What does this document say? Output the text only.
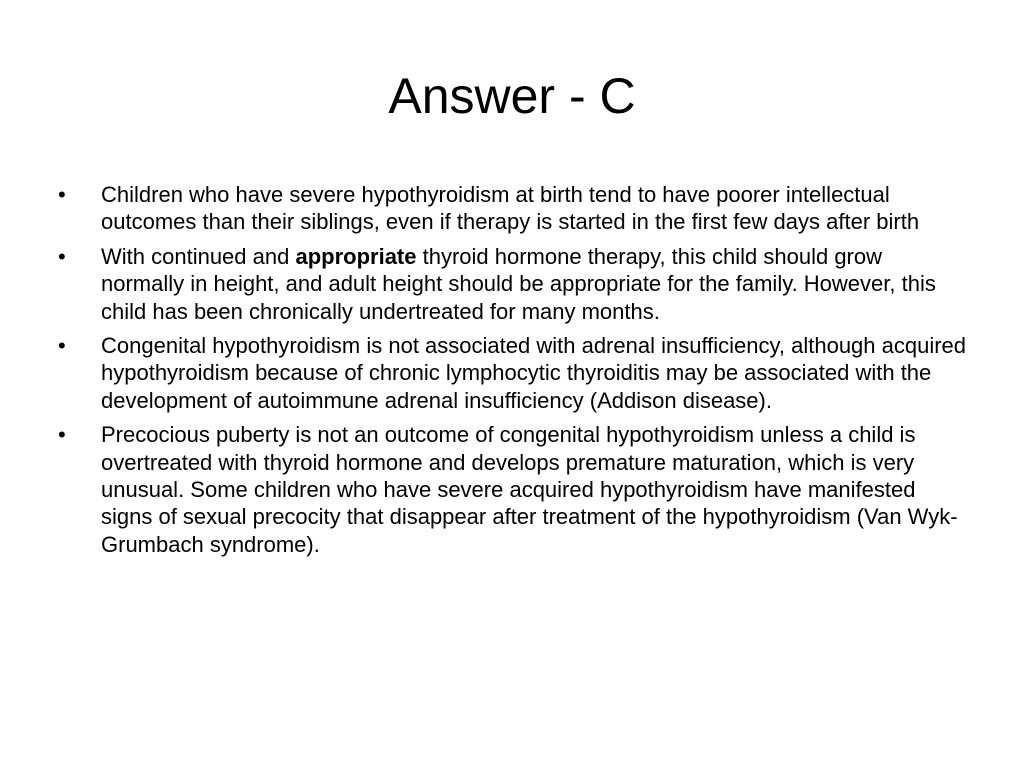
Answer - C
•	Children who have severe hypothyroidism at birth tend to have poorer intellectual outcomes than their siblings, even if therapy is started in the first few days after birth
•	With continued and appropriate thyroid hormone therapy, this child should grow normally in height, and adult height should be appropriate for the family. However, this child has been chronically undertreated for many months.
•	Congenital hypothyroidism is not associated with adrenal insufficiency, although acquired hypothyroidism because of chronic lymphocytic thyroiditis may be associated with the development of autoimmune adrenal insufficiency (Addison disease).
•	Precocious puberty is not an outcome of congenital hypothyroidism unless a child is overtreated with thyroid hormone and develops premature maturation, which is very unusual. Some children who have severe acquired hypothyroidism have manifested signs of sexual precocity that disappear after treatment of the hypothyroidism (Van Wyk-Grumbach syndrome).
